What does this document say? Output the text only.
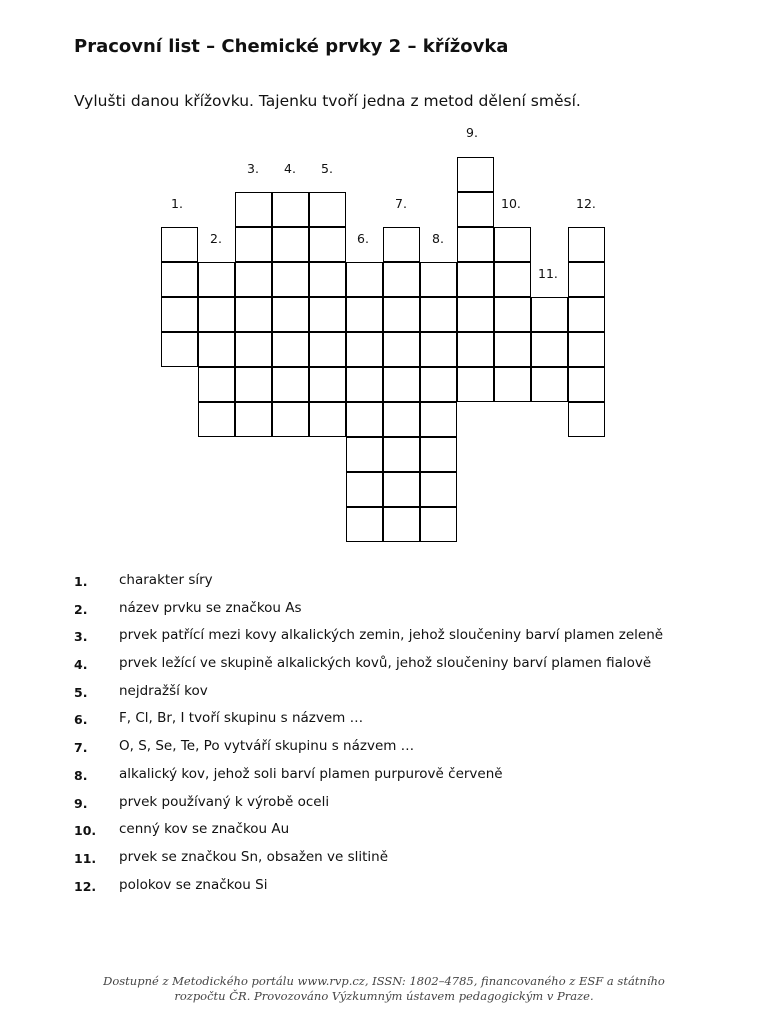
Pracovní list – Chemické prvky 2 – křížovka
Vylušti danou křížovku. Tajenku tvoří jedna z metod dělení směsí.
1.
2.
3. 4. 5.
6.
7.
8.
9.
10.
11.
12.
1.	charakter síry
2.	název prvku se značkou As
3.	prvek patřící mezi kovy alkalických zemin, jehož sloučeniny barví plamen zeleně
4.	prvek ležící ve skupině alkalických kovů, jehož sloučeniny barví plamen fialově
5.	nejdražší kov
6.	F, Cl, Br, I tvoří skupinu s názvem …
7.	O, S, Se, Te, Po vytváří skupinu s názvem …
8.	alkalický kov, jehož soli barví plamen purpurově červeně
9.	prvek používaný k výrobě oceli
10.	cenný kov se značkou Au
11.	prvek se značkou Sn, obsažen ve slitině
12.	polokov se značkou Si
Dostupné z Metodického portálu www.rvp.cz, ISSN: 1802–4785, financovaného z ESF a státního
rozpočtu ČR. Provozováno Výzkumným ústavem pedagogickým v Praze.
